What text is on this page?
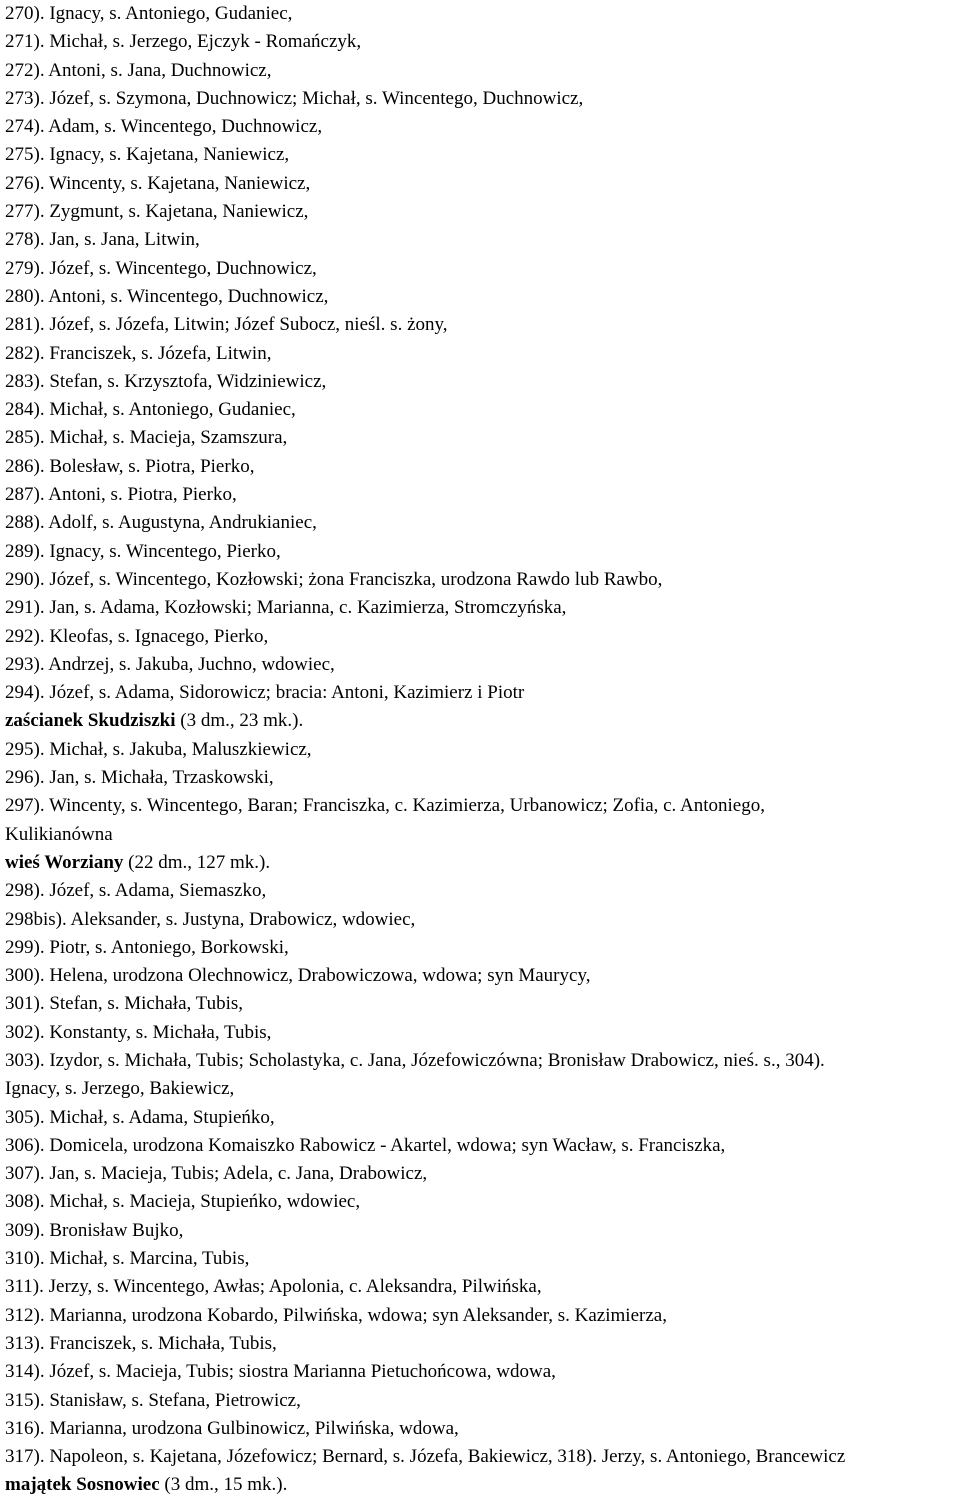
270). Ignacy, s. Antoniego, Gudaniec,
271). Michał, s. Jerzego, Ejczyk - Romańczyk,
272). Antoni, s. Jana, Duchnowicz,
273). Józef, s. Szymona, Duchnowicz; Michał, s. Wincentego, Duchnowicz,
274). Adam, s. Wincentego, Duchnowicz,
275). Ignacy, s. Kajetana, Naniewicz,
276). Wincenty, s. Kajetana, Naniewicz,
277). Zygmunt, s. Kajetana, Naniewicz,
278). Jan, s. Jana, Litwin,
279). Józef, s. Wincentego, Duchnowicz,
280). Antoni, s. Wincentego, Duchnowicz,
281). Józef, s. Józefa, Litwin; Józef Subocz, nieśl. s. żony,
282). Franciszek, s. Józefa, Litwin,
283). Stefan, s. Krzysztofa, Widziniewicz,
284). Michał, s. Antoniego, Gudaniec,
285). Michał, s. Macieja, Szamszura,
286). Bolesław, s. Piotra, Pierko,
287). Antoni, s. Piotra, Pierko,
288). Adolf, s. Augustyna, Andrukianiec,
289). Ignacy, s. Wincentego, Pierko,
290). Józef, s. Wincentego, Kozłowski; żona Franciszka, urodzona Rawdo lub Rawbo,
291). Jan, s. Adama, Kozłowski; Marianna, c. Kazimierza, Stromczyńska,
292). Kleofas, s. Ignacego, Pierko,
293). Andrzej, s. Jakuba, Juchno, wdowiec,
294). Józef, s. Adama, Sidorowicz; bracia: Antoni, Kazimierz i Piotr
zaścianek Skudziszki (3 dm., 23 mk.).
295). Michał, s. Jakuba, Maluszkiewicz,
296). Jan, s. Michała, Trzaskowski,
297). Wincenty, s. Wincentego, Baran; Franciszka, c. Kazimierza, Urbanowicz; Zofia, c. Antoniego,
Kulikianówna
wieś Worziany (22 dm., 127 mk.).
298). Józef, s. Adama, Siemaszko,
298bis). Aleksander, s. Justyna, Drabowicz, wdowiec,
299). Piotr, s. Antoniego, Borkowski,
300). Helena, urodzona Olechnowicz, Drabowiczowa, wdowa; syn Maurycy,
301). Stefan, s. Michała, Tubis,
302). Konstanty, s. Michała, Tubis,
303). Izydor, s. Michała, Tubis; Scholastyka, c. Jana, Józefowiczówna; Bronisław Drabowicz, nieś. s., 304).
Ignacy, s. Jerzego, Bakiewicz,
305). Michał, s. Adama, Stupieńko,
306). Domicela, urodzona Komaiszko Rabowicz - Akartel, wdowa; syn Wacław, s. Franciszka,
307). Jan, s. Macieja, Tubis; Adela, c. Jana, Drabowicz,
308). Michał, s. Macieja, Stupieńko, wdowiec,
309). Bronisław Bujko,
310). Michał, s. Marcina, Tubis,
311). Jerzy, s. Wincentego, Awłas; Apolonia, c. Aleksandra, Pilwińska,
312). Marianna, urodzona Kobardo, Pilwińska, wdowa; syn Aleksander, s. Kazimierza,
313). Franciszek, s. Michała, Tubis,
314). Józef, s. Macieja, Tubis; siostra Marianna Pietuchońcowa, wdowa,
315). Stanisław, s. Stefana, Pietrowicz,
316). Marianna, urodzona Gulbinowicz, Pilwińska, wdowa,
317). Napoleon, s. Kajetana, Józefowicz; Bernard, s. Józefa, Bakiewicz, 318). Jerzy, s. Antoniego, Brancewicz
majątek Sosnowiec (3 dm., 15 mk.).
